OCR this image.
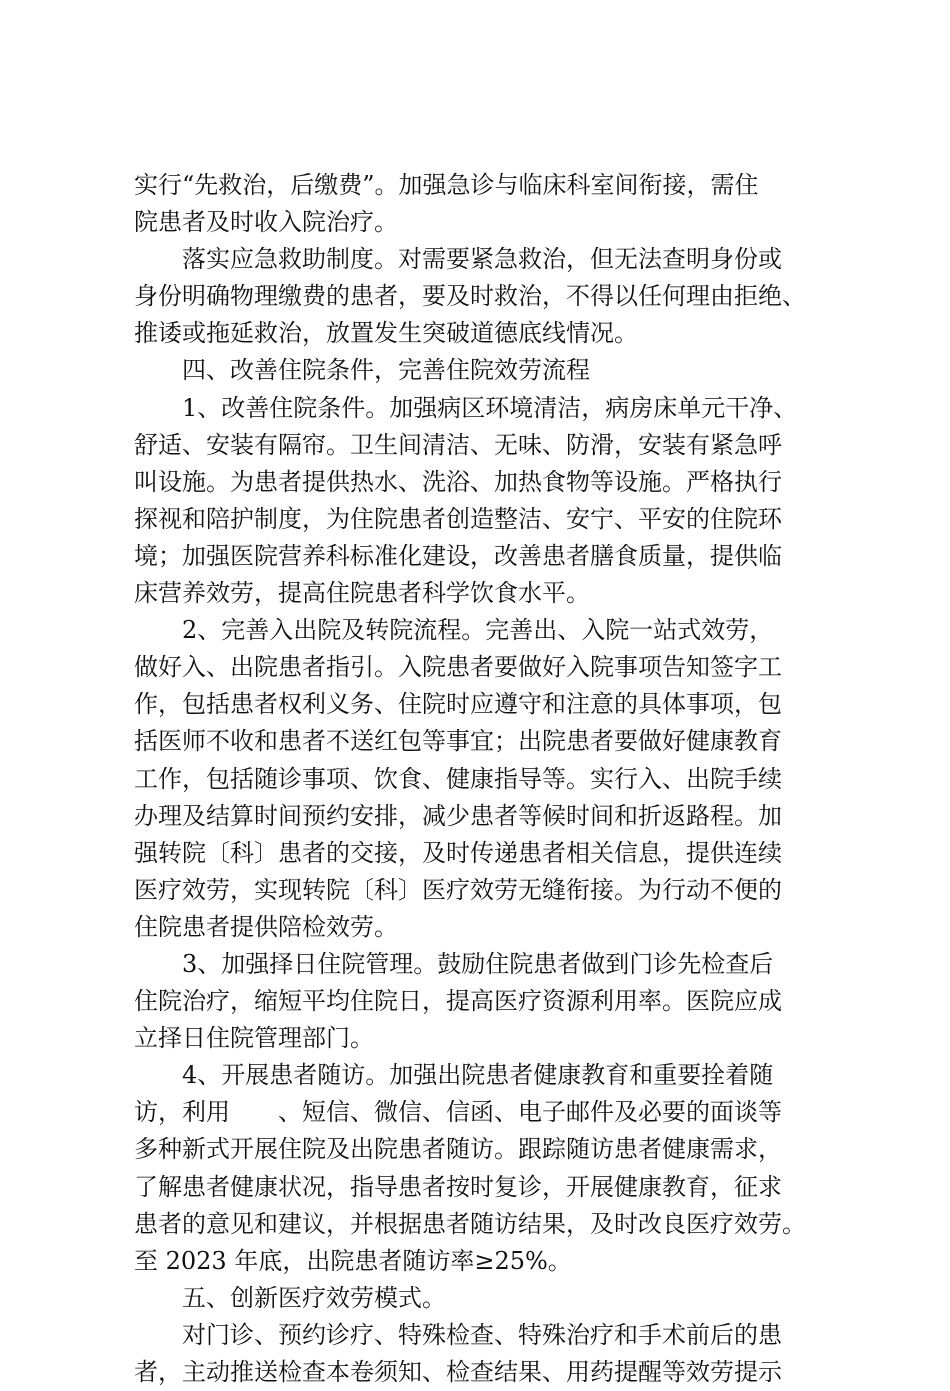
实行“先救治，后缴费”。加强急诊与临床科室间衔接，需住
院患者及时收入院治疗。
　　落实应急救助制度。对需要紧急救治，但无法查明身份或
身份明确物理缴费的患者，要及时救治，不得以任何理由拒绝、
推诿或拖延救治，放置发生突破道德底线情况。
　　四、改善住院条件，完善住院效劳流程
　　1、改善住院条件。加强病区环境清洁，病房床单元干净、
舒适、安装有隔帘。卫生间清洁、无味、防滑，安装有紧急呼
叫设施。为患者提供热水、洗浴、加热食物等设施。严格执行
探视和陪护制度，为住院患者创造整洁、安宁、平安的住院环
境；加强医院营养科标准化建设，改善患者膳食质量，提供临
床营养效劳，提高住院患者科学饮食水平。
　　2、完善入出院及转院流程。完善出、入院一站式效劳，
做好入、出院患者指引。入院患者要做好入院事项告知签字工
作，包括患者权利义务、住院时应遵守和注意的具体事项，包
括医师不收和患者不送红包等事宜；出院患者要做好健康教育
工作，包括随诊事项、饮食、健康指导等。实行入、出院手续
办理及结算时间预约安排，减少患者等候时间和折返路程。加
强转院〔科〕患者的交接，及时传递患者相关信息，提供连续
医疗效劳，实现转院〔科〕医疗效劳无缝衔接。为行动不便的
住院患者提供陪检效劳。
　　3、加强择日住院管理。鼓励住院患者做到门诊先检查后
住院治疗，缩短平均住院日，提高医疗资源利用率。医院应成
立择日住院管理部门。
　　4、开展患者随访。加强出院患者健康教育和重要拴着随
访，利用　　、短信、微信、信函、电子邮件及必要的面谈等
多种新式开展住院及出院患者随访。跟踪随访患者健康需求，
了解患者健康状况，指导患者按时复诊，开展健康教育，征求
患者的意见和建议，并根据患者随访结果，及时改良医疗效劳。
至 2023 年底，出院患者随访率≥25%。
　　五、创新医疗效劳模式。
　　对门诊、预约诊疗、特殊检查、特殊治疗和手术前后的患
者，主动推送检查本卷须知、检查结果、用药提醒等效劳提示
